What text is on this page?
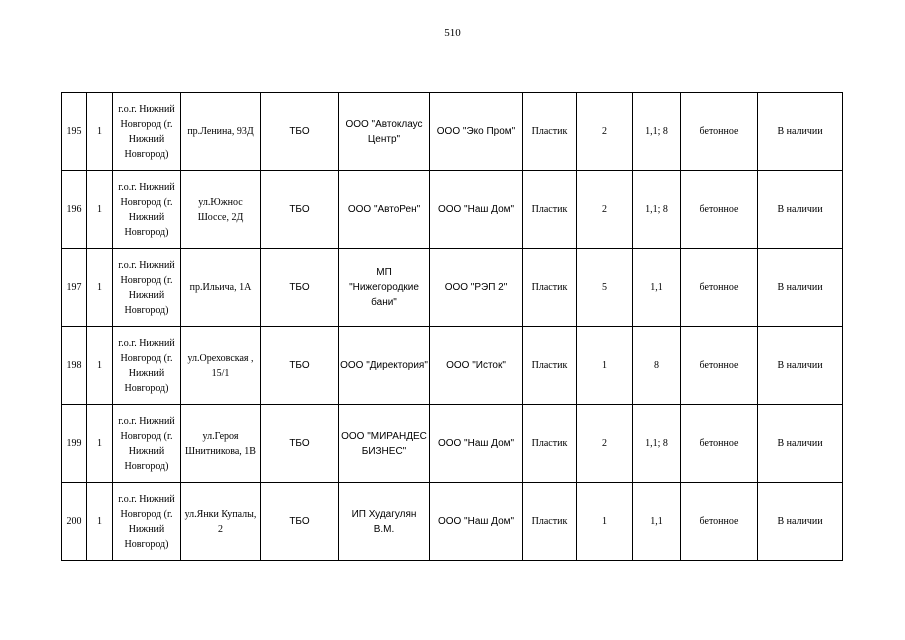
510
195	1	г.о.г. Нижний Новгород (г. Нижний Новгород)	пр.Ленина, 93Д	ТБО	ООО "Автоклаус Центр"	ООО "Эко Пром"	Пластик	2	1,1; 8	бетонное	В наличии
196	1	г.о.г. Нижний Новгород (г. Нижний Новгород)	ул.Южнос Шоссе, 2Д	ТБО	ООО "АвтоРен"	ООО "Наш Дом"	Пластик	2	1,1; 8	бетонное	В наличии
197	1	г.о.г. Нижний Новгород (г. Нижний Новгород)	пр.Ильича, 1А	ТБО	МП "Нижегородкие бани"	ООО "РЭП 2"	Пластик	5	1,1	бетонное	В наличии
198	1	г.о.г. Нижний Новгород (г. Нижний Новгород)	ул.Ореховская , 15/1	ТБО	ООО "Директория"	ООО "Исток"	Пластик	1	8	бетонное	В наличии
199	1	г.о.г. Нижний Новгород (г. Нижний Новгород)	ул.Героя Шнитникова, 1В	ТБО	ООО "МИРАНДЕС БИЗНЕС"	ООО "Наш Дом"	Пластик	2	1,1; 8	бетонное	В наличии
200	1	г.о.г. Нижний Новгород (г. Нижний Новгород)	ул.Янки Купалы, 2	ТБО	ИП Худагулян В.М.	ООО "Наш Дом"	Пластик	1	1,1	бетонное	В наличии
